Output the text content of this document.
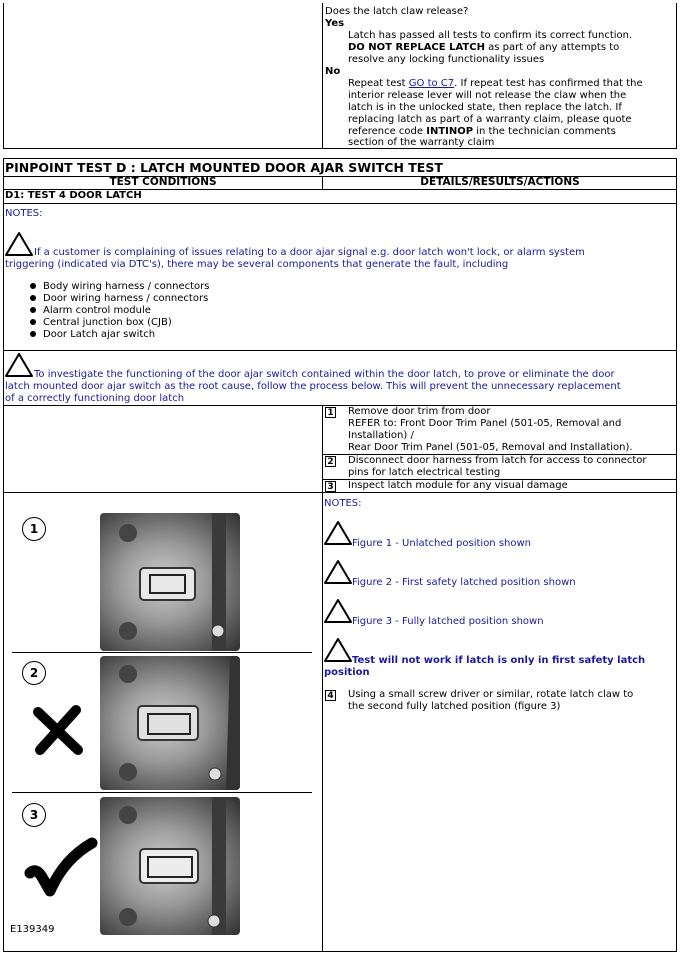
Does the latch claw release?
Yes
Latch has passed all tests to confirm its correct function.
DO NOT REPLACE LATCH as part of any attempts to
resolve any locking functionality issues
No
Repeat test GO to C7. If repeat test has confirmed that the
interior release lever will not release the claw when the
latch is in the unlocked state, then replace the latch. If
replacing latch as part of a warranty claim, please quote
reference code INTINOP in the technician comments
section of the warranty claim
PINPOINT TEST D : LATCH MOUNTED DOOR AJAR SWITCH TEST
TEST CONDITIONS	DETAILS/RESULTS/ACTIONS
D1: TEST 4 DOOR LATCH
NOTES:
If a customer is complaining of issues relating to a door ajar signal e.g. door latch won't lock, or alarm system
triggering (indicated via DTC's), there may be several components that generate the fault, including
Body wiring harness / connectors
Door wiring harness / connectors
Alarm control module
Central junction box (CJB)
Door Latch ajar switch
To investigate the functioning of the door ajar switch contained within the door latch, to prove or eliminate the door
latch mounted door ajar switch as the root cause, follow the process below. This will prevent the unnecessary replacement
of a correctly functioning door latch
1 Remove door trim from door
REFER to: Front Door Trim Panel (501-05, Removal and
Installation) /
Rear Door Trim Panel (501-05, Removal and Installation).
2 Disconnect door harness from latch for access to connector
pins for latch electrical testing
3 Inspect latch module for any visual damage
NOTES:
Figure 1 - Unlatched position shown
Figure 2 - First safety latched position shown
Figure 3 - Fully latched position shown
Test will not work if latch is only in first safety latch
position
4 Using a small screw driver or similar, rotate latch claw to
the second fully latched position (figure 3)
1
2
3
E139349
